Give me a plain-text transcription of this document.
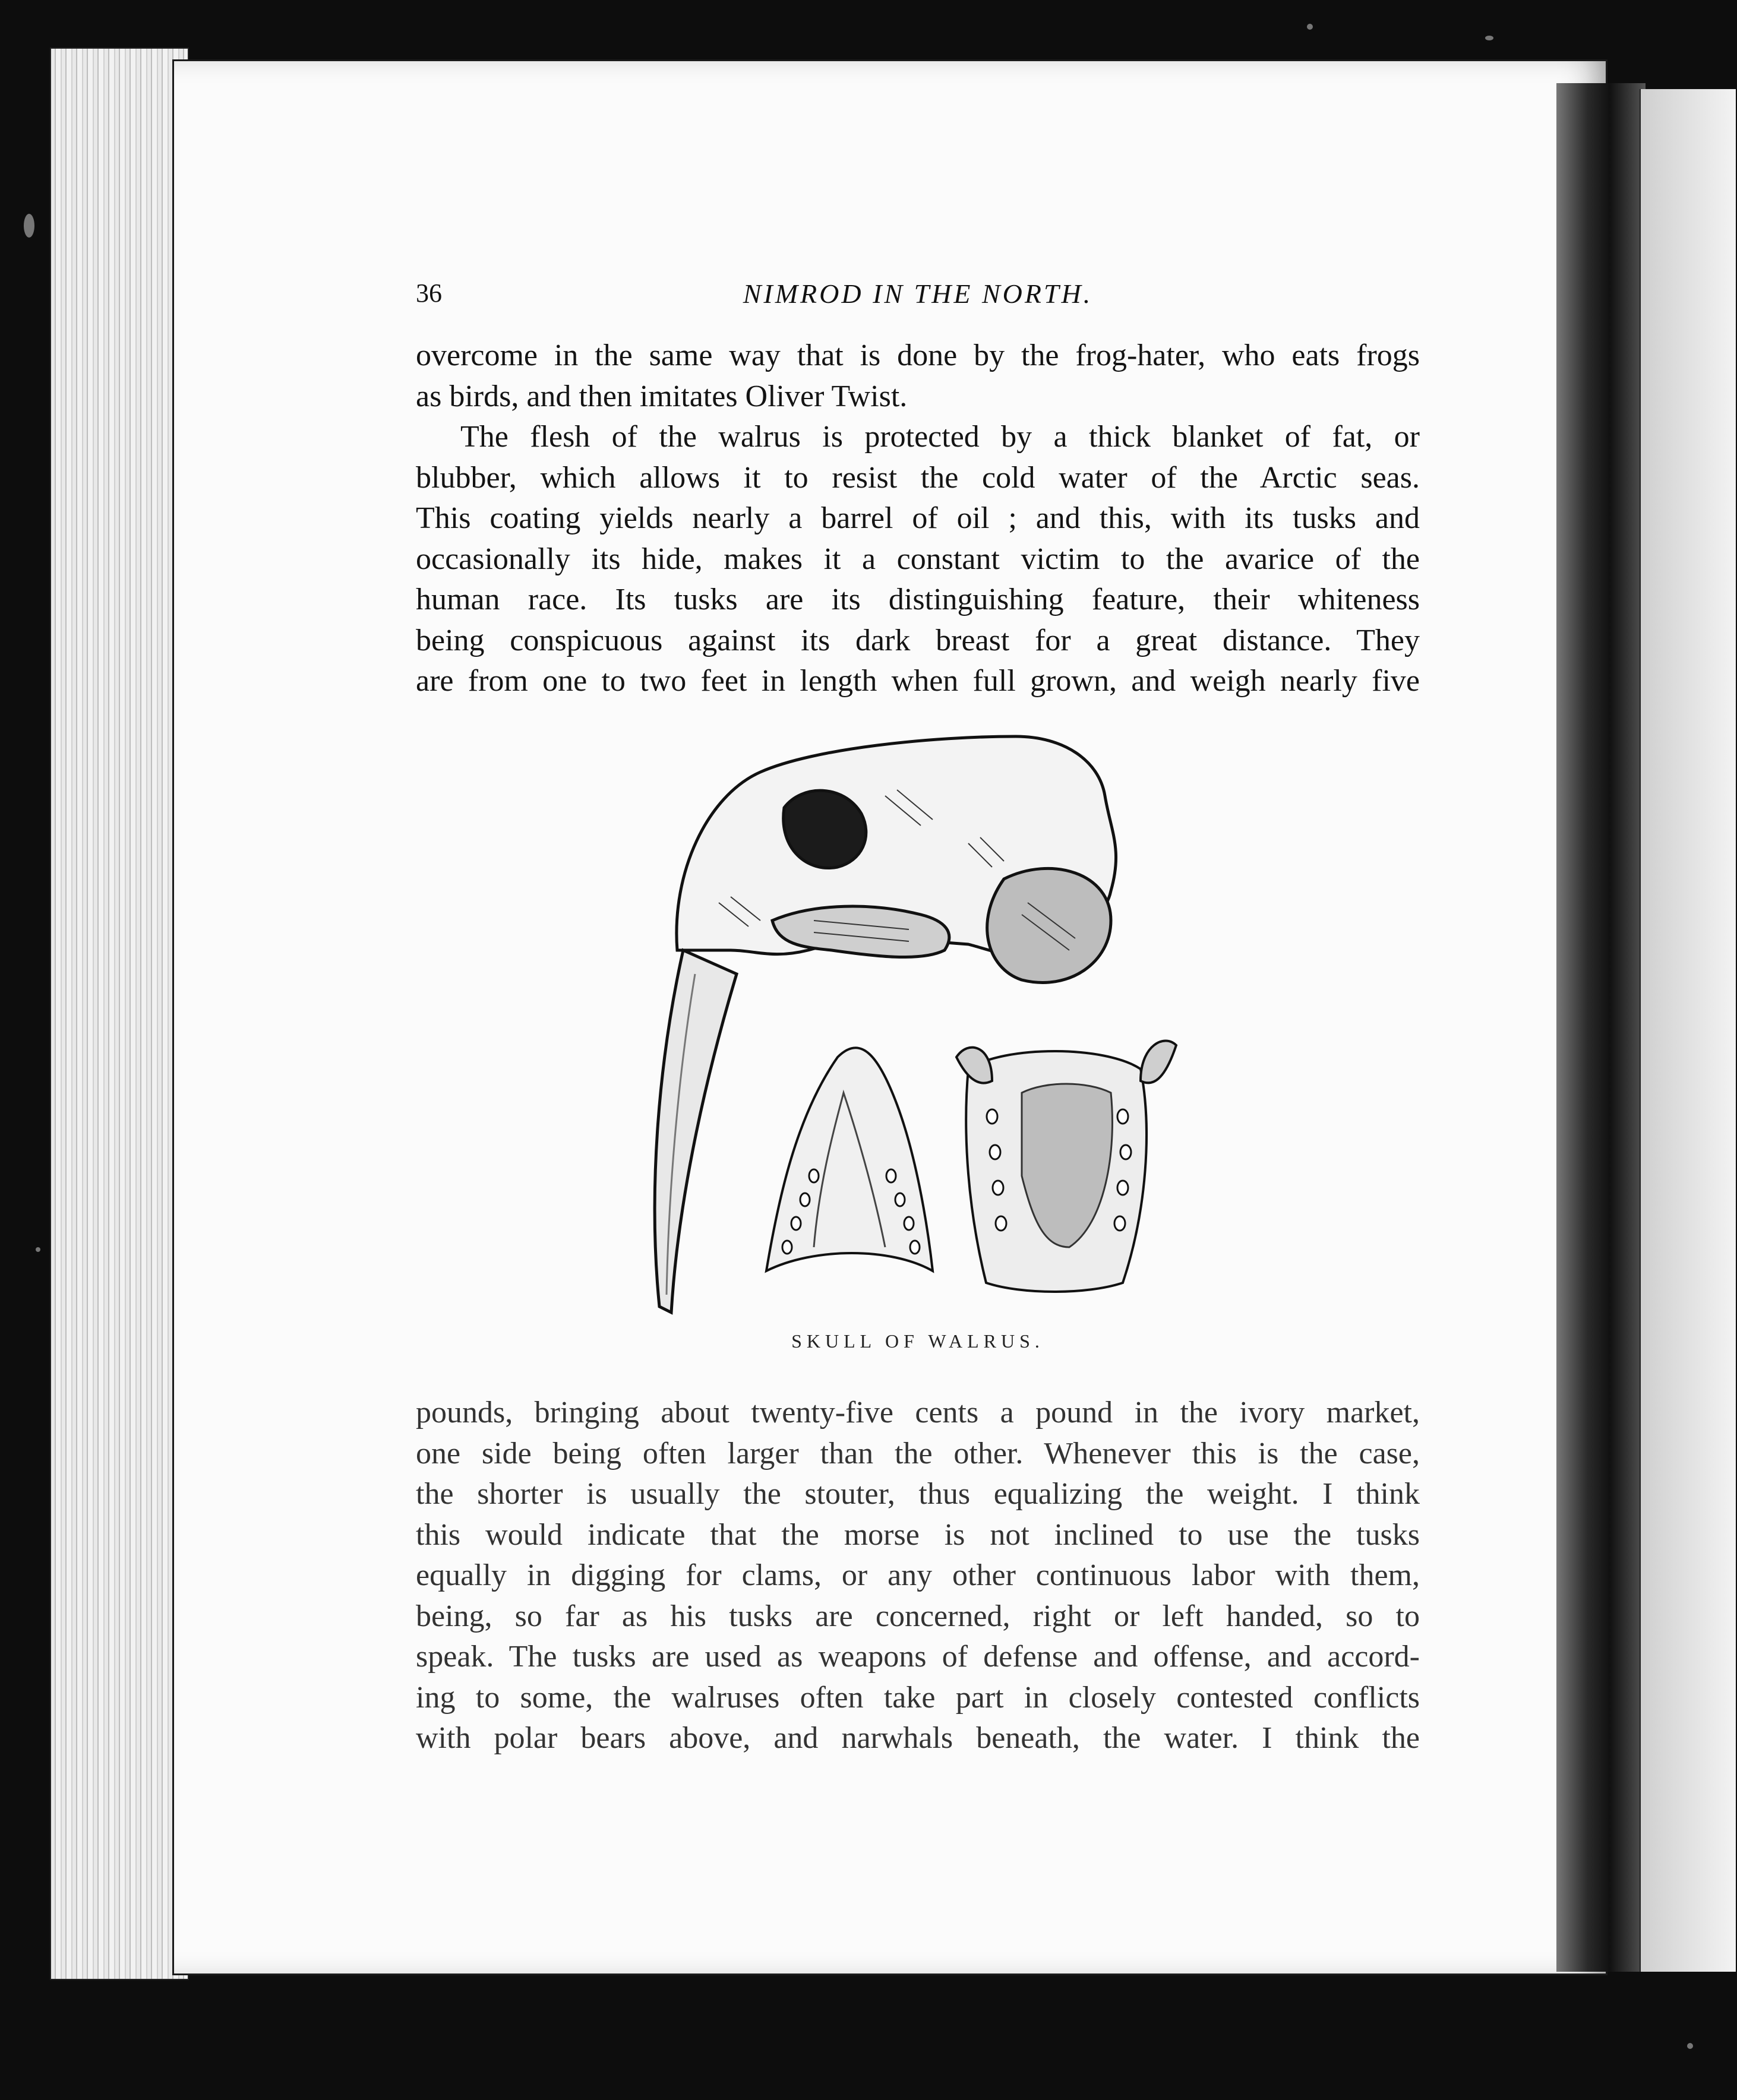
36	NIMROD IN THE NORTH.
overcome in the same way that is done by the frog-hater, who eats frogs
as birds, and then imitates Oliver Twist.
The flesh of the walrus is protected by a thick blanket of fat, or
blubber, which allows it to resist the cold water of the Arctic seas.
This coating yields nearly a barrel of oil ; and this, with its tusks and
occasionally its hide, makes it a constant victim to the avarice of the
human race. Its tusks are its distinguishing feature, their whiteness
being conspicuous against its dark breast for a great distance. They
are from one to two feet in length when full grown, and weigh nearly five
SKULL OF WALRUS.
pounds, bringing about twenty-five cents a pound in the ivory market,
one side being often larger than the other. Whenever this is the case,
the shorter is usually the stouter, thus equalizing the weight. I think
this would indicate that the morse is not inclined to use the tusks
equally in digging for clams, or any other continuous labor with them,
being, so far as his tusks are concerned, right or left handed, so to
speak. The tusks are used as weapons of defense and offense, and accord-
ing to some, the walruses often take part in closely contested conflicts
with polar bears above, and narwhals beneath, the water. I think the
